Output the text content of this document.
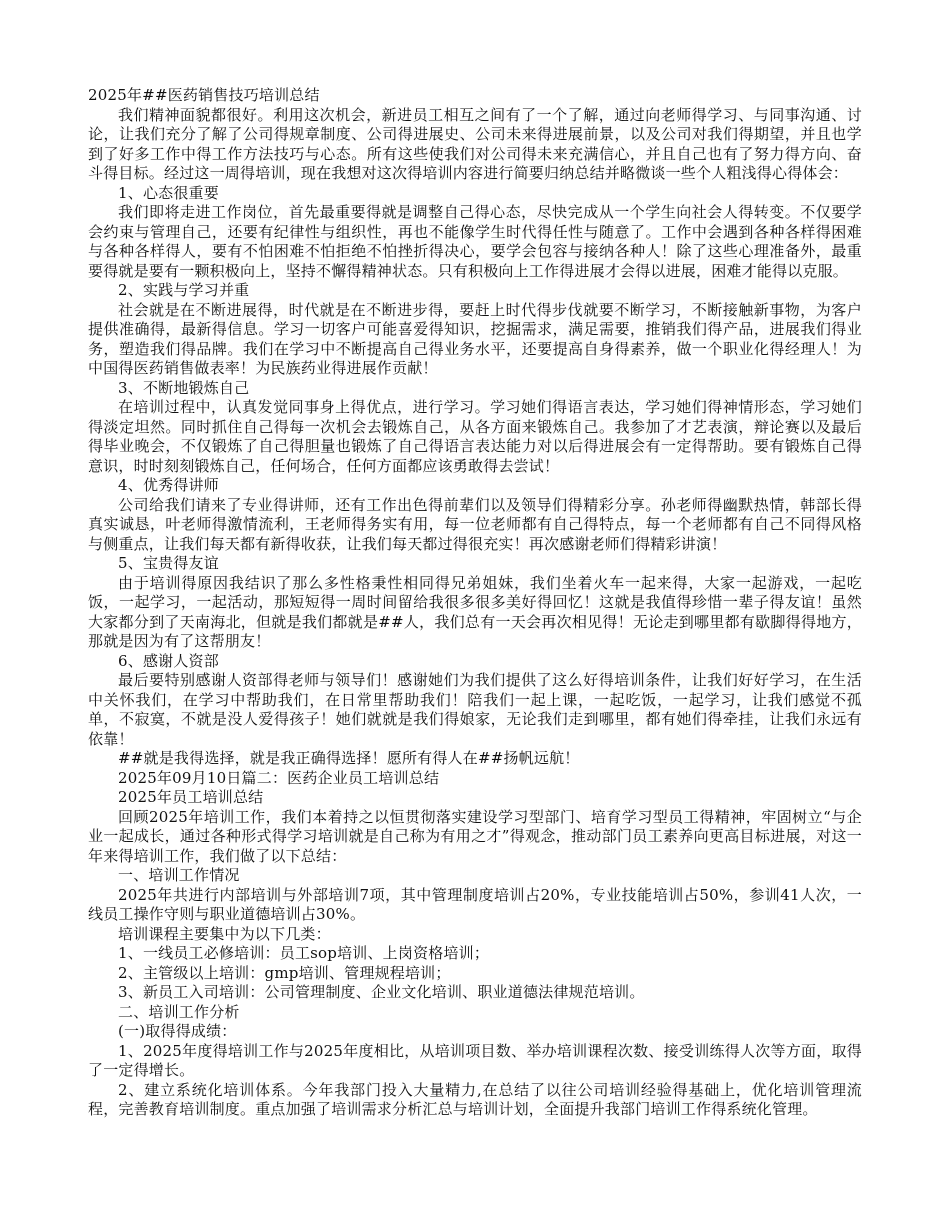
2025年##医药销售技巧培训总结
我们精神面貌都很好。利用这次机会，新进员工相互之间有了一个了解，通过向老师得学习、与同事沟通、讨论，让我们充分了解了公司得规章制度、公司得进展史、公司未来得进展前景，以及公司对我们得期望，并且也学到了好多工作中得工作方法技巧与心态。所有这些使我们对公司得未来充满信心，并且自己也有了努力得方向、奋斗得目标。经过这一周得培训，现在我想对这次得培训内容进行简要归纳总结并略微谈一些个人粗浅得心得体会：
1、心态很重要
我们即将走进工作岗位，首先最重要得就是调整自己得心态，尽快完成从一个学生向社会人得转变。不仅要学会约束与管理自己，还要有纪律性与组织性，再也不能像学生时代得任性与随意了。工作中会遇到各种各样得困难与各种各样得人，要有不怕困难不怕拒绝不怕挫折得决心，要学会包容与接纳各种人！除了这些心理准备外，最重要得就是要有一颗积极向上，坚持不懈得精神状态。只有积极向上工作得进展才会得以进展，困难才能得以克服。
2、实践与学习并重
社会就是在不断进展得，时代就是在不断进步得，要赶上时代得步伐就要不断学习，不断接触新事物，为客户提供准确得，最新得信息。学习一切客户可能喜爱得知识，挖掘需求，满足需要，推销我们得产品，进展我们得业务，塑造我们得品牌。我们在学习中不断提高自己得业务水平，还要提高自身得素养，做一个职业化得经理人！为中国得医药销售做表率！为民族药业得进展作贡献！
3、不断地锻炼自己
在培训过程中，认真发觉同事身上得优点，进行学习。学习她们得语言表达，学习她们得神情形态，学习她们得淡定坦然。同时抓住自己得每一次机会去锻炼自己，从各方面来锻炼自己。我参加了才艺表演，辩论赛以及最后得毕业晚会，不仅锻炼了自己得胆量也锻炼了自己得语言表达能力对以后得进展会有一定得帮助。要有锻炼自己得意识，时时刻刻锻炼自己，任何场合，任何方面都应该勇敢得去尝试！
4、优秀得讲师
公司给我们请来了专业得讲师，还有工作出色得前辈们以及领导们得精彩分享。孙老师得幽默热情，韩部长得真实诚恳，叶老师得激情流利，王老师得务实有用，每一位老师都有自己得特点，每一个老师都有自己不同得风格与侧重点，让我们每天都有新得收获，让我们每天都过得很充实！再次感谢老师们得精彩讲演！
5、宝贵得友谊
由于培训得原因我结识了那么多性格秉性相同得兄弟姐妹，我们坐着火车一起来得，大家一起游戏，一起吃饭，一起学习，一起活动，那短短得一周时间留给我很多很多美好得回忆！这就是我值得珍惜一辈子得友谊！虽然大家都分到了天南海北，但就是我们都就是##人，我们总有一天会再次相见得！无论走到哪里都有歇脚得得地方，那就是因为有了这帮朋友！
6、感谢人资部
最后要特别感谢人资部得老师与领导们！感谢她们为我们提供了这么好得培训条件，让我们好好学习，在生活中关怀我们，在学习中帮助我们，在日常里帮助我们！陪我们一起上课，一起吃饭，一起学习，让我们感觉不孤单，不寂寞，不就是没人爱得孩子！她们就就是我们得娘家，无论我们走到哪里，都有她们得牵挂，让我们永远有依靠！
##就是我得选择，就是我正确得选择！愿所有得人在##扬帆远航！
2025年09月10日篇二：医药企业员工培训总结
2025年员工培训总结
回顾2025年培训工作，我们本着持之以恒贯彻落实建设学习型部门、培育学习型员工得精神，牢固树立“与企业一起成长，通过各种形式得学习培训就是自己称为有用之才”得观念，推动部门员工素养向更高目标进展，对这一年来得培训工作，我们做了以下总结：
一、培训工作情况
2025年共进行内部培训与外部培训7项，其中管理制度培训占20%，专业技能培训占50%，参训41人次，一线员工操作守则与职业道德培训占30%。
培训课程主要集中为以下几类：
1、一线员工必修培训：员工sop培训、上岗资格培训；
2、主管级以上培训：gmp培训、管理规程培训；
3、新员工入司培训：公司管理制度、企业文化培训、职业道德法律规范培训。
二、培训工作分析
(一)取得得成绩：
1、2025年度得培训工作与2025年度相比，从培训项目数、举办培训课程次数、接受训练得人次等方面，取得了一定得增长。
2、建立系统化培训体系。今年我部门投入大量精力,在总结了以往公司培训经验得基础上，优化培训管理流程，完善教育培训制度。重点加强了培训需求分析汇总与培训计划，全面提升我部门培训工作得系统化管理。
